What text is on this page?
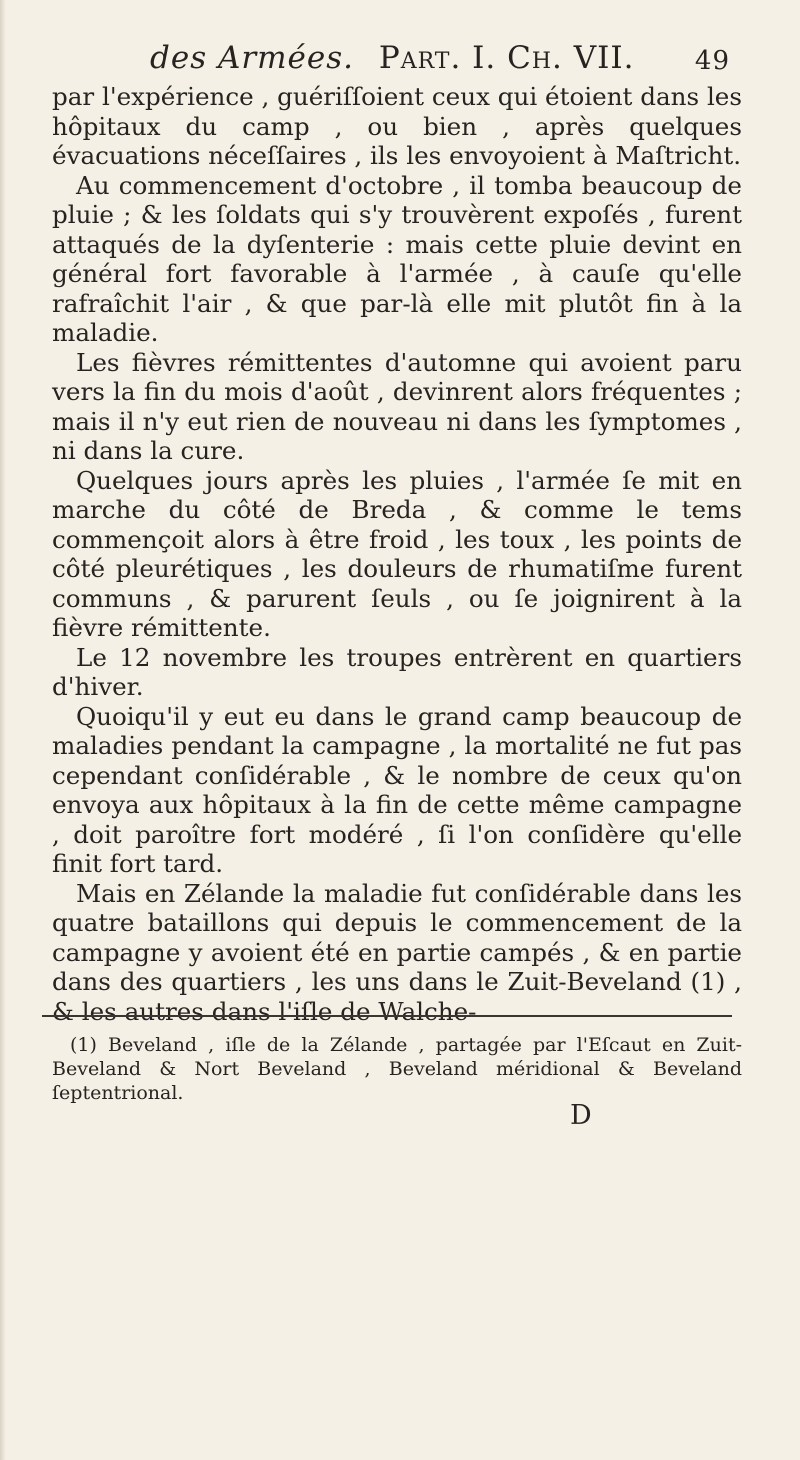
des Armées. Part. I. Ch. VII. 49

par l'expérience , guériſſoient ceux qui étoient dans les hôpitaux du camp , ou bien , après quelques évacuations néceſſaires , ils les envoyoient à Maſtricht.

Au commencement d'octobre , il tomba beaucoup de pluie ; & les ſoldats qui s'y trouvèrent expoſés , furent attaqués de la dyſenterie : mais cette pluie devint en général fort favorable à l'armée , à cauſe qu'elle rafraîchit l'air , & que par-là elle mit plutôt fin à la maladie.

Les fièvres rémittentes d'automne qui avoient paru vers la fin du mois d'août , devinrent alors fréquentes ; mais il n'y eut rien de nouveau ni dans les ſymptomes , ni dans la cure.

Quelques jours après les pluies , l'armée ſe mit en marche du côté de Breda , & comme le tems commençoit alors à être froid , les toux , les points de côté pleurétiques , les douleurs de rhumatiſme furent communs , & parurent ſeuls , ou ſe joignirent à la fièvre rémittente.

Le 12 novembre les troupes entrèrent en quartiers d'hiver.

Quoiqu'il y eut eu dans le grand camp beaucoup de maladies pendant la campagne , la mortalité ne fut pas cependant conſidérable , & le nombre de ceux qu'on envoya aux hôpitaux à la fin de cette même campagne , doit paroître fort modéré , ſi l'on conſidère qu'elle finit fort tard.

Mais en Zélande la maladie fut conſidérable dans les quatre bataillons qui depuis le commencement de la campagne y avoient été en partie campés , & en partie dans des quartiers , les uns dans le Zuit-Beveland (1) , & les autres dans l'iſle de Walche-

(1) Beveland , iſle de la Zélande , partagée par l'Eſcaut en Zuit-Beveland & Nort Beveland , Beveland méridional & Beveland ſeptentrional.

D
